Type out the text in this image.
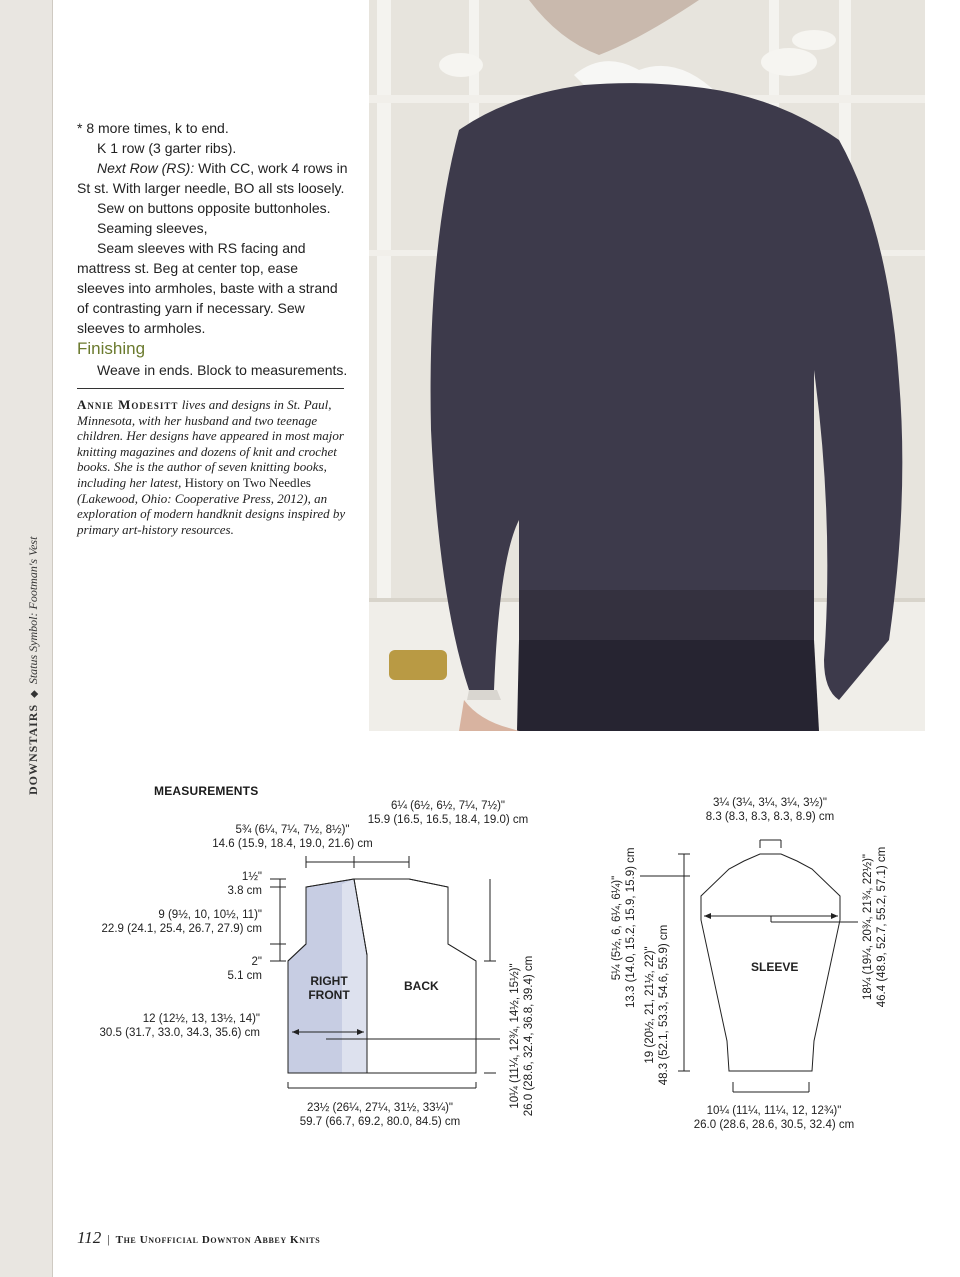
DOWNSTAIRS◆Status Symbol: Footman's Vest

* 8 more times, k to end.

K 1 row (3 garter ribs).

Next Row (RS): With CC, work 4 rows in St st. With larger needle, BO all sts loosely.

Sew on buttons opposite buttonholes.

Seaming sleeves,

Seam sleeves with RS facing and mattress st. Beg at center top, ease sleeves into armholes, baste with a strand of contrasting yarn if necessary. Sew sleeves to armholes.

Finishing

Weave in ends. Block to measurements.

Annie Modesitt lives and designs in St. Paul, Minnesota, with her husband and two teenage children. Her designs have appeared in most major knitting magazines and dozens of knit and crochet books. She is the author of seven knitting books, including her latest, History on Two Needles (Lakewood, Ohio: Cooperative Press, 2012), an exploration of modern handknit designs inspired by primary art-history resources.
MEASUREMENTS
6¼ (6½, 6½, 7¼, 7½)"
15.9 (16.5, 16.5, 18.4, 19.0) cm
5¾ (6¼, 7¼, 7½, 8½)"
14.6 (15.9, 18.4, 19.0, 21.6) cm
1½"
3.8 cm
9 (9½, 10, 10½, 11)"
22.9 (24.1, 25.4, 26.7, 27.9) cm
2"
5.1 cm
12 (12½, 13, 13½, 14)"
30.5 (31.7, 33.0, 34.3, 35.6) cm
23½ (26¼, 27¼, 31½, 33¼)"
59.7 (66.7, 69.2, 80.0, 84.5) cm
RIGHT
FRONT
BACK	10¼ (11¼, 12¾, 14½, 15½)" 26.0 (28.6, 32.4, 36.8, 39.4) cm
3¼ (3¼, 3¼, 3¼, 3½)"
8.3 (8.3, 8.3, 8.3, 8.9) cm
5¼ (5½, 6, 6¼, 6¼)" 13.3 (14.0, 15.2, 15.9, 15.9) cm 19 (20½, 21, 21½, 22)" 48.3 (52.1, 53.3, 54.6, 55.9) cm	18¼ (19¼, 20¾, 21¾, 22½)" 46.4 (48.9, 52.7, 55.2, 57.1) cm
10¼ (11¼, 11¼, 12, 12¾)"
26.0 (28.6, 28.6, 30.5, 32.4) cm
SLEEVE
112 | The Unofficial Downton Abbey Knits
